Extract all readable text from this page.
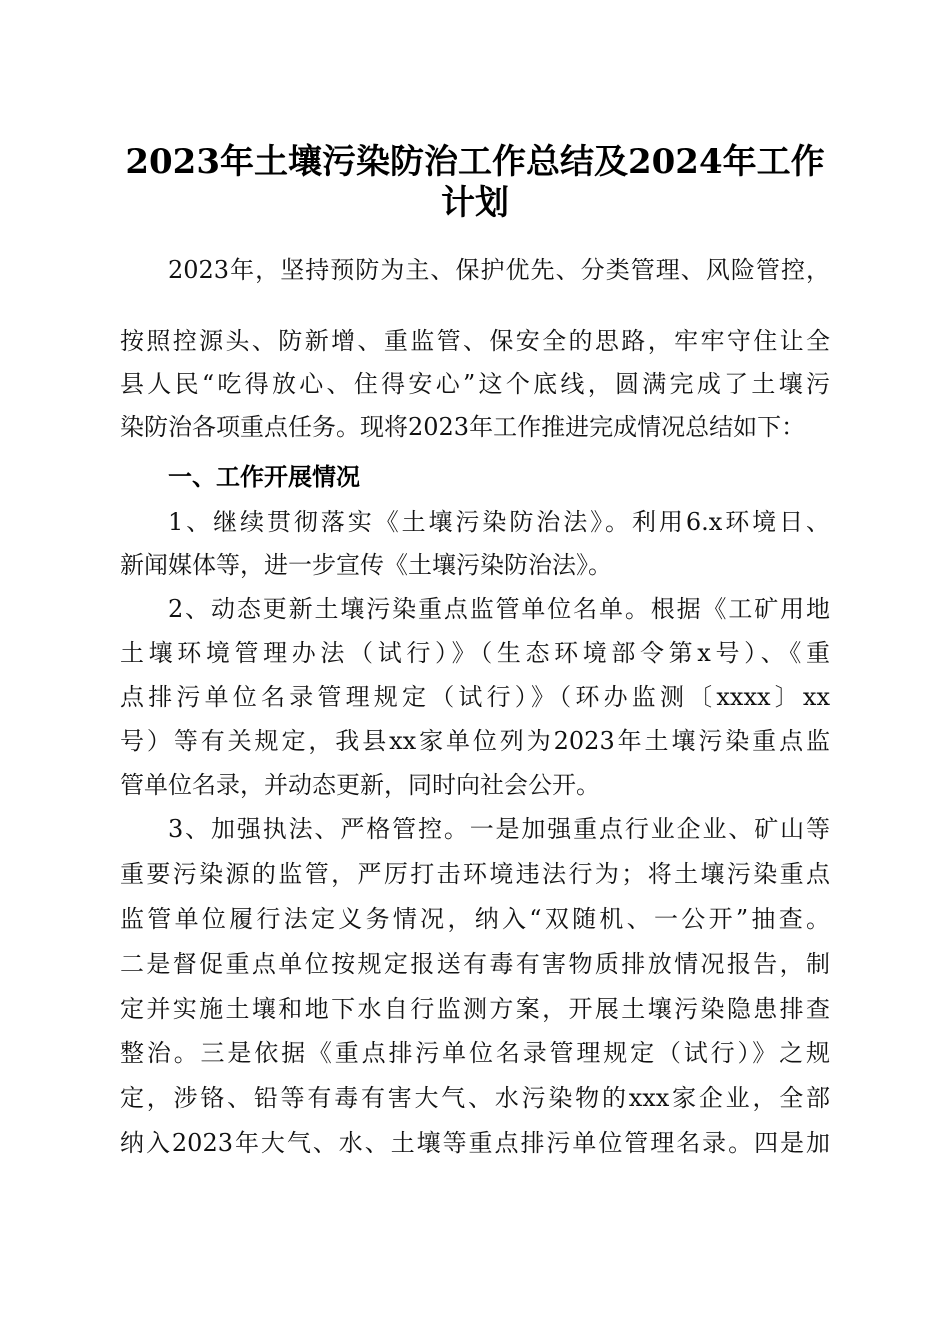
2023年土壤污染防治工作总结及2024年工作
计划
2023年，坚持预防为主、保护优先、分类管理、风险管控，
按照控源头、防新增、重监管、保安全的思路，牢牢守住让全
县人民“吃得放心、住得安心”这个底线，圆满完成了土壤污
染防治各项重点任务。现将2023年工作推进完成情况总结如下：
一、工作开展情况
1、继续贯彻落实《土壤污染防治法》。利用6.x环境日、
新闻媒体等，进一步宣传《土壤污染防治法》。
2、动态更新土壤污染重点监管单位名单。根据《工矿用地
土壤环境管理办法（试行）》（生态环境部令第x号）、《重
点排污单位名录管理规定（试行）》（环办监测〔xxxx〕xx
号）等有关规定，我县xx家单位列为2023年土壤污染重点监
管单位名录，并动态更新，同时向社会公开。
3、加强执法、严格管控。一是加强重点行业企业、矿山等
重要污染源的监管，严厉打击环境违法行为；将土壤污染重点
监管单位履行法定义务情况，纳入“双随机、一公开”抽查。
二是督促重点单位按规定报送有毒有害物质排放情况报告，制
定并实施土壤和地下水自行监测方案，开展土壤污染隐患排查
整治。三是依据《重点排污单位名录管理规定（试行）》之规
定，涉铬、铅等有毒有害大气、水污染物的xxx家企业，全部
纳入2023年大气、水、土壤等重点排污单位管理名录。四是加
